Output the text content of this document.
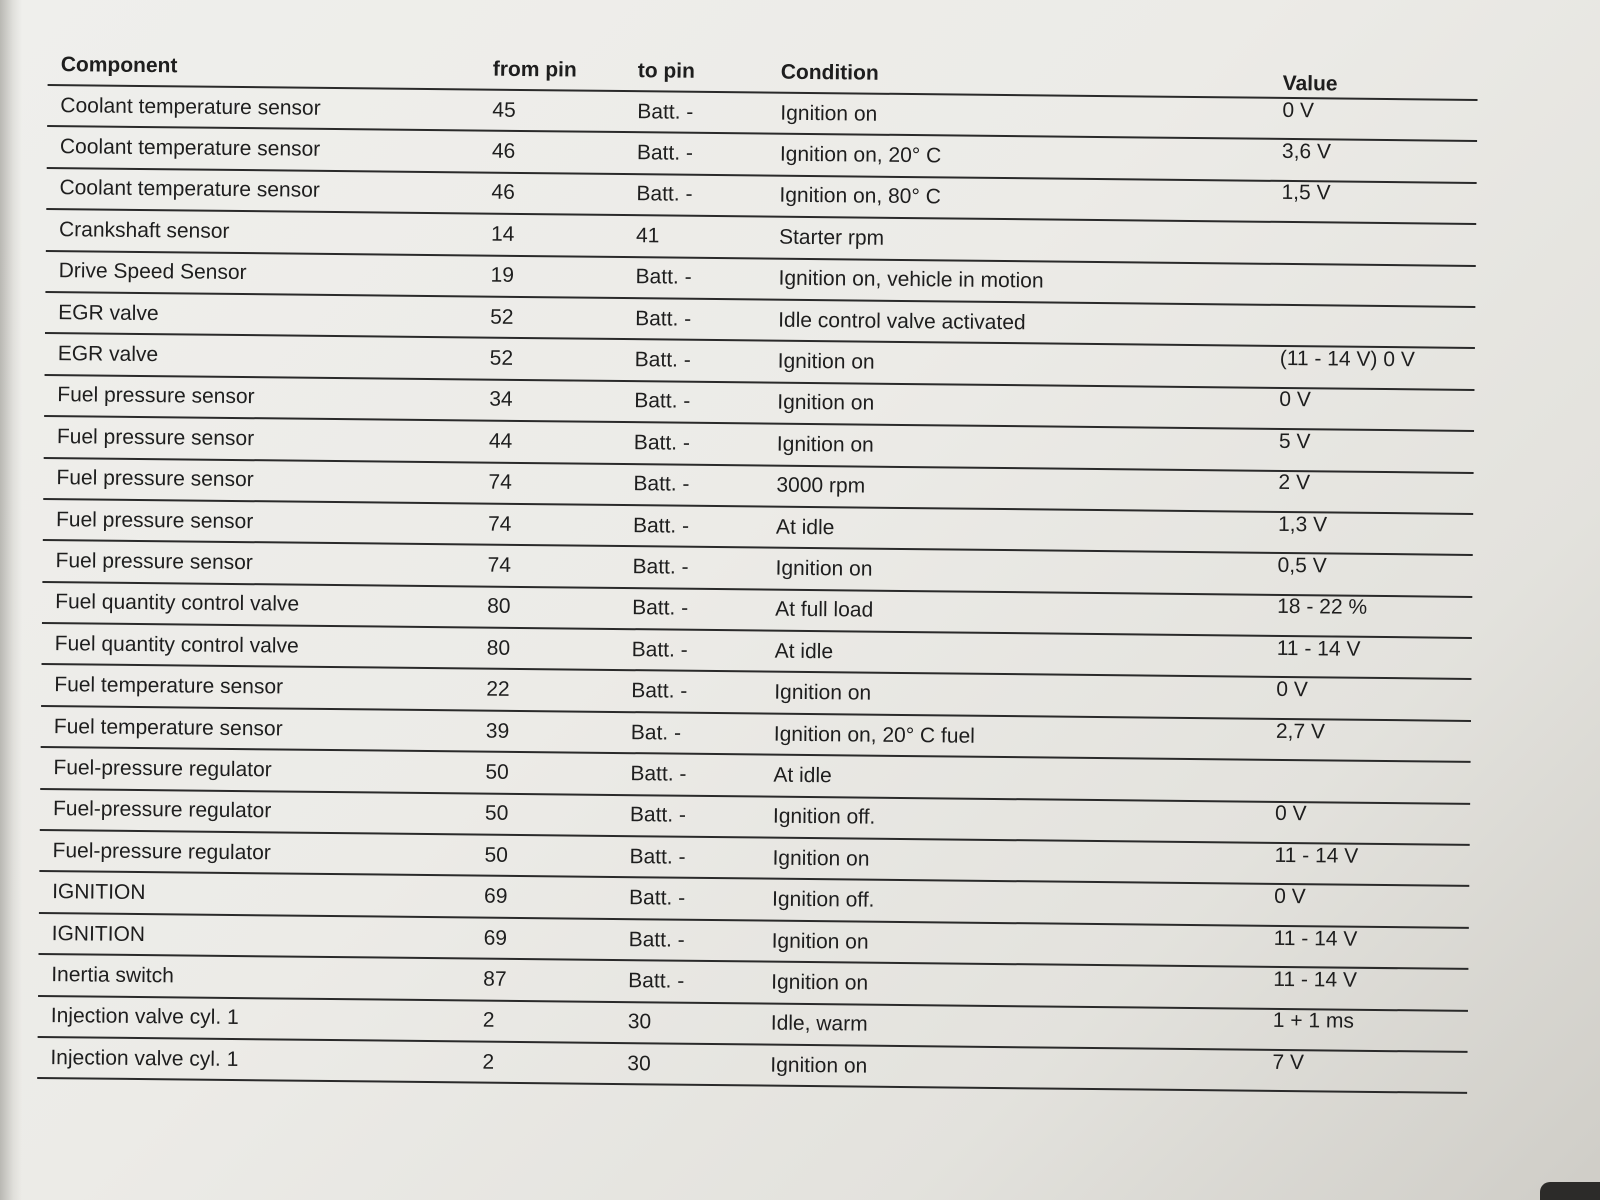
Component	from pin	to pin	Condition	Value
Coolant temperature sensor	45	Batt. -	Ignition on	0 V
Coolant temperature sensor	46	Batt. -	Ignition on, 20° C	3,6 V
Coolant temperature sensor	46	Batt. -	Ignition on, 80° C	1,5 V
Crankshaft sensor	14	41	Starter rpm
Drive Speed Sensor	19	Batt. -	Ignition on, vehicle in motion
EGR valve	52	Batt. -	Idle control valve activated
EGR valve	52	Batt. -	Ignition on	(11 - 14 V) 0 V
Fuel pressure sensor	34	Batt. -	Ignition on	0 V
Fuel pressure sensor	44	Batt. -	Ignition on	5 V
Fuel pressure sensor	74	Batt. -	3000 rpm	2 V
Fuel pressure sensor	74	Batt. -	At idle	1,3 V
Fuel pressure sensor	74	Batt. -	Ignition on	0,5 V
Fuel quantity control valve	80	Batt. -	At full load	18 - 22 %
Fuel quantity control valve	80	Batt. -	At idle	11 - 14 V
Fuel temperature sensor	22	Batt. -	Ignition on	0 V
Fuel temperature sensor	39	Bat. -	Ignition on, 20° C fuel	2,7 V
Fuel-pressure regulator	50	Batt. -	At idle
Fuel-pressure regulator	50	Batt. -	Ignition off.	0 V
Fuel-pressure regulator	50	Batt. -	Ignition on	11 - 14 V
IGNITION	69	Batt. -	Ignition off.	0 V
IGNITION	69	Batt. -	Ignition on	11 - 14 V
Inertia switch	87	Batt. -	Ignition on	11 - 14 V
Injection valve cyl. 1	2	30	Idle, warm	1 + 1 ms
Injection valve cyl. 1	2	30	Ignition on	7 V
